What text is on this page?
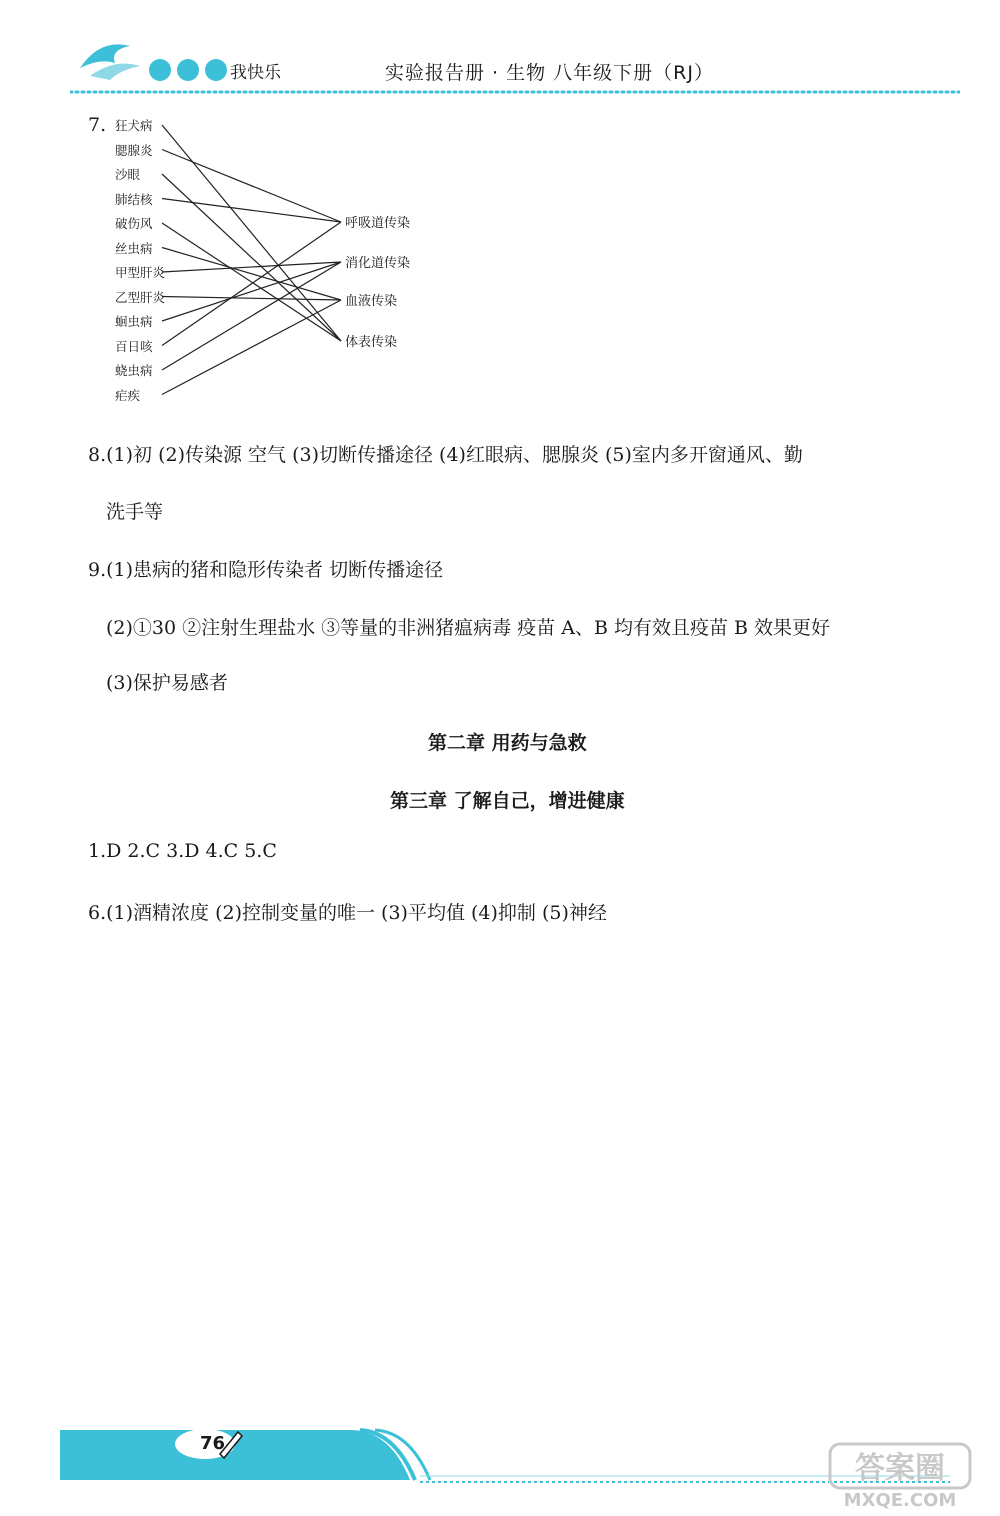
我快乐	实验报告册 · 生物 八年级下册（RJ）
7. 狂犬病
腮腺炎
沙眼
肺结核
破伤风
丝虫病
甲型肝炎
乙型肝炎
蛔虫病
百日咳
蛲虫病
疟疾
呼吸道传染
消化道传染
血液传染
体表传染
8.(1)初 (2)传染源 空气 (3)切断传播途径 (4)红眼病、腮腺炎 (5)室内多开窗通风、勤
洗手等
9.(1)患病的猪和隐形传染者 切断传播途径
(2)①30 ②注射生理盐水 ③等量的非洲猪瘟病毒 疫苗 A、B 均有效且疫苗 B 效果更好
(3)保护易感者
第二章 用药与急救
第三章 了解自己，增进健康
1.D 2.C 3.D 4.C 5.C
6.(1)酒精浓度 (2)控制变量的唯一 (3)平均值 (4)抑制 (5)神经
76
答案圈
MXQE.COM
